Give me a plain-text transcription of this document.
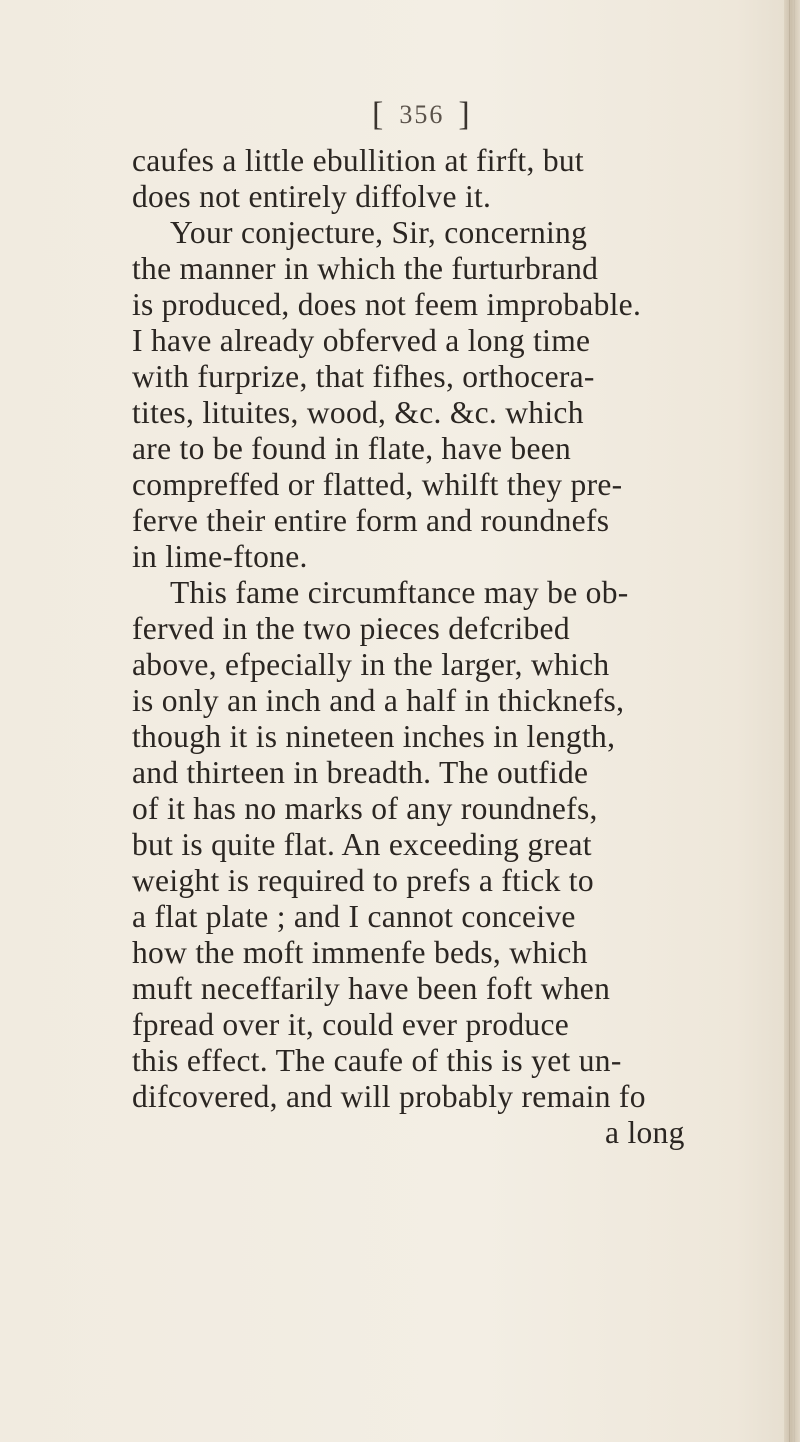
[ 356 ]
caufes a little ebullition at firft, but
does not entirely diffolve it.
Your conjecture, Sir, concerning
the manner in which the furturbrand
is produced, does not feem improbable.
I have already obferved a long time
with furprize, that fifhes, orthocera-
tites, lituites, wood, &c. &c. which
are to be found in flate, have been
compreffed or flatted, whilft they pre-
ferve their entire form and roundnefs
in lime-ftone.
This fame circumftance may be ob-
ferved in the two pieces defcribed
above, efpecially in the larger, which
is only an inch and a half in thicknefs,
though it is nineteen inches in length,
and thirteen in breadth. The outfide
of it has no marks of any roundnefs,
but is quite flat. An exceeding great
weight is required to prefs a ftick to
a flat plate ; and I cannot conceive
how the moft immenfe beds, which
muft neceffarily have been foft when
fpread over it, could ever produce
this effect. The caufe of this is yet un-
difcovered, and will probably remain fo
a long
